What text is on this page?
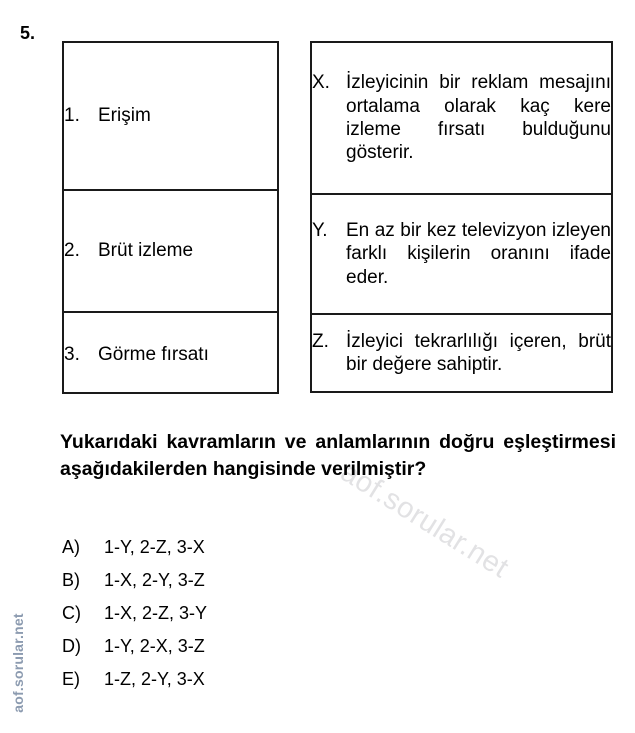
aof.sorular.net
aof.sorular.net
5.
1. Erişim

2. Brüt izleme

3. Görme fırsatı
X. İzleyicinin bir reklam mesajını ortalama olarak kaç kere izleme fırsatı bulduğunu gösterir.

Y. En az bir kez televizyon izleyen farklı kişilerin oranını ifade eder.

Z. İzleyici tekrarlılığı içeren, brüt bir değere sahiptir.
Yukarıdaki kavramların ve anlamlarının doğru eşleştirmesi aşağıdakilerden hangisinde verilmiştir?
A)	1-Y, 2-Z, 3-X
B)	1-X, 2-Y, 3-Z
C)	1-X, 2-Z, 3-Y
D)	1-Y, 2-X, 3-Z
E)	1-Z, 2-Y, 3-X
